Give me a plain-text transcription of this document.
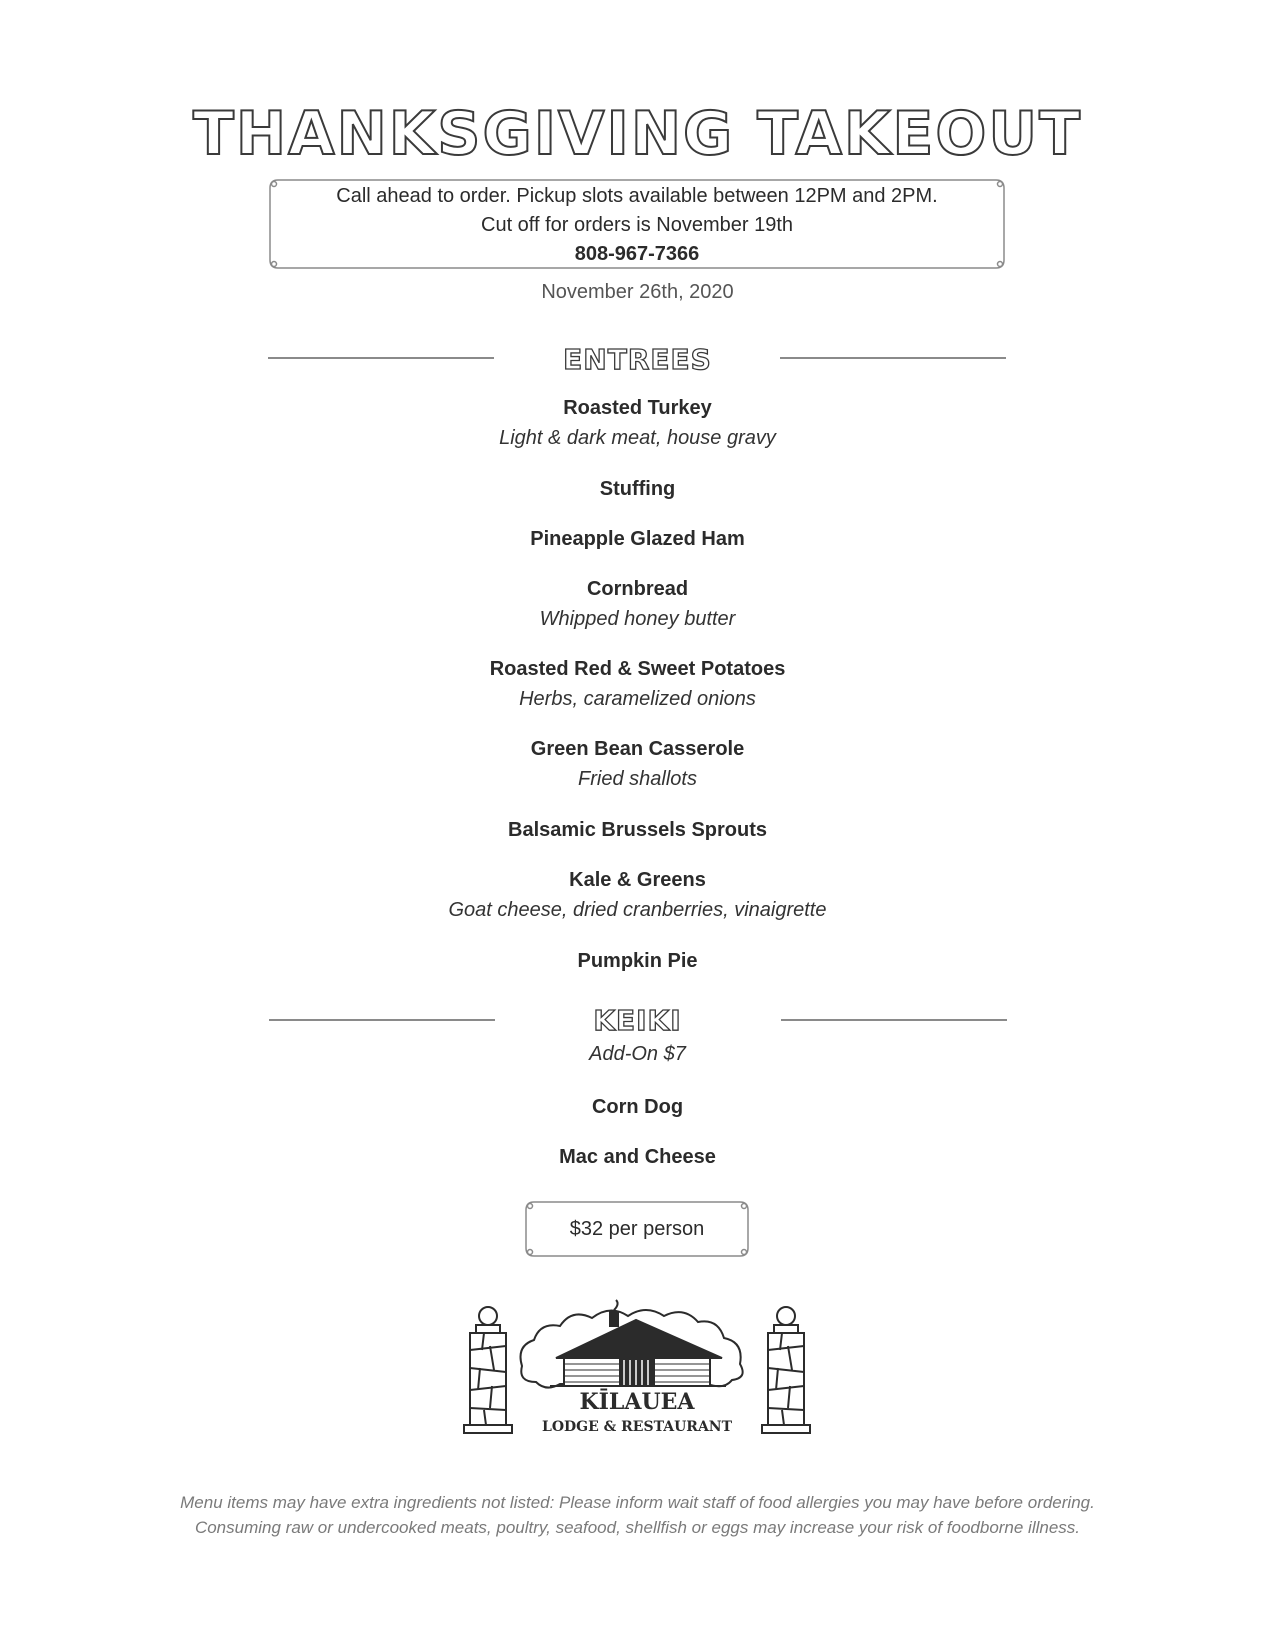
THANKSGIVING TAKEOUT
Call ahead to order. Pickup slots available between 12PM and 2PM.
Cut off for orders is November 19th
808-967-7366
November 26th, 2020
ENTREES
Roasted Turkey
Light & dark meat, house gravy
Stuffing
Pineapple Glazed Ham
Cornbread
Whipped honey butter
Roasted Red & Sweet Potatoes
Herbs, caramelized onions
Green Bean Casserole
Fried shallots
Balsamic Brussels Sprouts
Kale & Greens
Goat cheese, dried cranberries, vinaigrette
Pumpkin Pie
KEIKI
Add-On $7
Corn Dog
Mac and Cheese
$32 per person
KĪLAUEA
LODGE & RESTAURANT
Menu items may have extra ingredients not listed: Please inform wait staff of food allergies you may have before ordering.
Consuming raw or undercooked meats, poultry, seafood, shellfish or eggs may increase your risk of foodborne illness.
